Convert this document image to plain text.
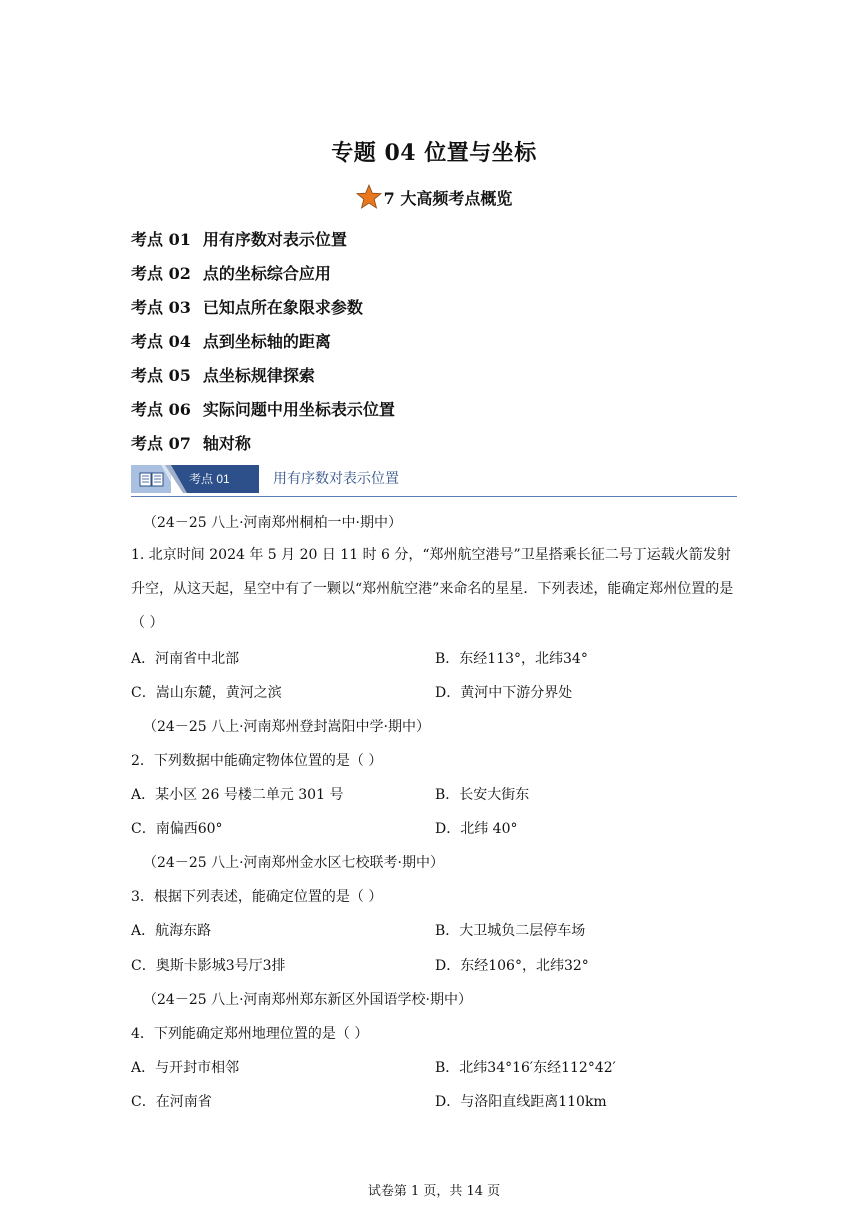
专题 04 位置与坐标
7 大高频考点概览
考点 01 用有序数对表示位置
考点 02 点的坐标综合应用
考点 03 已知点所在象限求参数
考点 04 点到坐标轴的距离
考点 05 点坐标规律探索
考点 06 实际问题中用坐标表示位置
考点 07 轴对称
考点 01	用有序数对表示位置
（24－25 八上·河南郑州桐柏一中·期中）
1. 北京时间 2024 年 5 月 20 日 11 时 6 分，“郑州航空港号”卫星搭乘长征二号丁运载火箭发射升空，从这天起，星空中有了一颗以“郑州航空港”来命名的星星．下列表述，能确定郑州位置的是（ ）
A．河南省中北部	B．东经113°，北纬34°
C．嵩山东麓，黄河之滨	D．黄河中下游分界处
（24－25 八上·河南郑州登封嵩阳中学·期中）
2．下列数据中能确定物体位置的是（ ）
A．某小区 26 号楼二单元 301 号	B．长安大街东
C．南偏西60°	D．北纬 40°
（24－25 八上·河南郑州金水区七校联考·期中）
3．根据下列表述，能确定位置的是（ ）
A．航海东路	B．大卫城负二层停车场
C．奥斯卡影城3号厅3排	D．东经106°，北纬32°
（24－25 八上·河南郑州郑东新区外国语学校·期中）
4．下列能确定郑州地理位置的是（ ）
A．与开封市相邻	B．北纬34°16′东经112°42′
C．在河南省	D．与洛阳直线距离110km
试卷第 1 页，共 14 页
